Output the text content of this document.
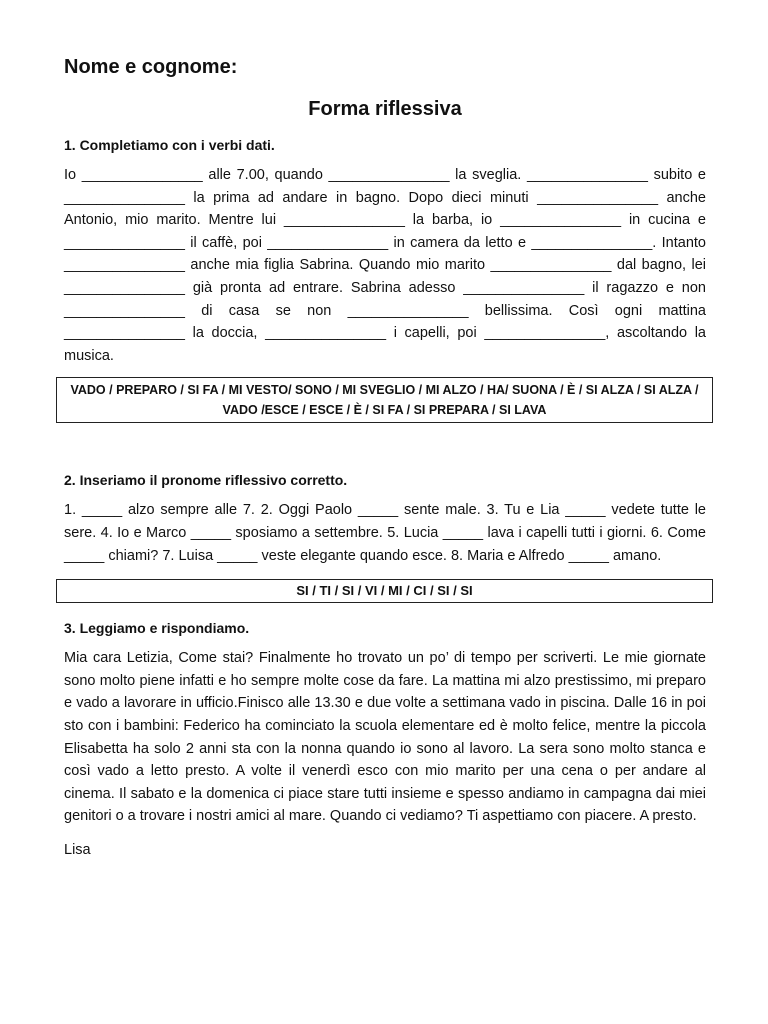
Nome e cognome:
Forma riflessiva
1. Completiamo con i verbi dati.

Io _______________ alle 7.00, quando _______________ la sveglia. _______________ subito e _______________ la prima ad andare in bagno. Dopo dieci minuti _______________ anche Antonio, mio marito. Mentre lui _______________ la barba, io _______________ in cucina e _______________ il caffè, poi _______________ in camera da letto e _______________. Intanto _______________ anche mia figlia Sabrina. Quando mio marito _______________ dal bagno, lei _______________ già pronta ad entrare. Sabrina adesso _______________ il ragazzo e non _______________ di casa se non _______________ bellissima. Così ogni mattina _______________ la doccia, _______________ i capelli, poi _______________, ascoltando la musica.

VADO / PREPARO / SI FA / MI VESTO/ SONO / MI SVEGLIO / MI ALZO / HA/ SUONA / È / SI ALZA / SI ALZA / VADO /ESCE / ESCE / È / SI FA / SI PREPARA / SI LAVA
2. Inseriamo il pronome riflessivo corretto.

1. _____ alzo sempre alle 7. 2. Oggi Paolo _____ sente male. 3. Tu e Lia _____ vedete tutte le sere. 4. Io e Marco _____ sposiamo a settembre. 5. Lucia _____ lava i capelli tutti i giorni. 6. Come _____ chiami? 7. Luisa _____ veste elegante quando esce. 8. Maria e Alfredo _____ amano.

SI / TI / SI / VI / MI / CI / SI / SI
3. Leggiamo e rispondiamo.

Mia cara Letizia, Come stai? Finalmente ho trovato un po’ di tempo per scriverti. Le mie giornate sono molto piene infatti e ho sempre molte cose da fare. La mattina mi alzo prestissimo, mi preparo e vado a lavorare in ufficio.Finisco alle 13.30 e due volte a settimana vado in piscina. Dalle 16 in poi sto con i bambini: Federico ha cominciato la scuola elementare ed è molto felice, mentre la piccola Elisabetta ha solo 2 anni sta con la nonna quando io sono al lavoro. La sera sono molto stanca e così vado a letto presto. A volte il venerdì esco con mio marito per una cena o per andare al cinema. Il sabato e la domenica ci piace stare tutti insieme e spesso andiamo in campagna dai miei genitori o a trovare i nostri amici al mare. Quando ci vediamo? Ti aspettiamo con piacere. A presto.

Lisa
